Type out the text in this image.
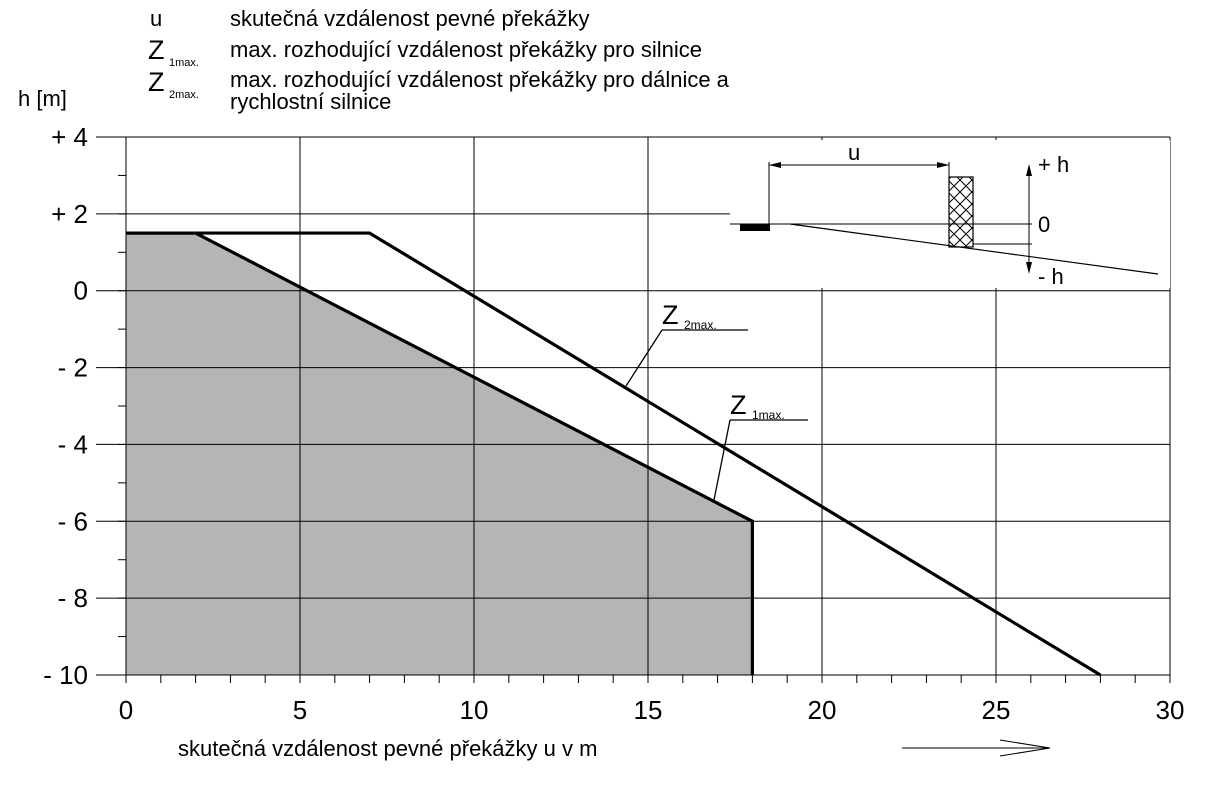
u	skutečná vzdálenost pevné překážky
Z 1max.
max. rozhodující vzdálenost překážky pro silnice
Z 2max.
max. rozhodující vzdálenost překážky pro dálnice a
rychlostní silnice
h [m]
0	5	10	15	20	25	30
+ 4
+ 2
0
- 2
- 4
- 6
- 8
- 10
Z 2max.
Z 1max.
u	+ h
0
- h
skutečná vzdálenost pevné překážky u v m
